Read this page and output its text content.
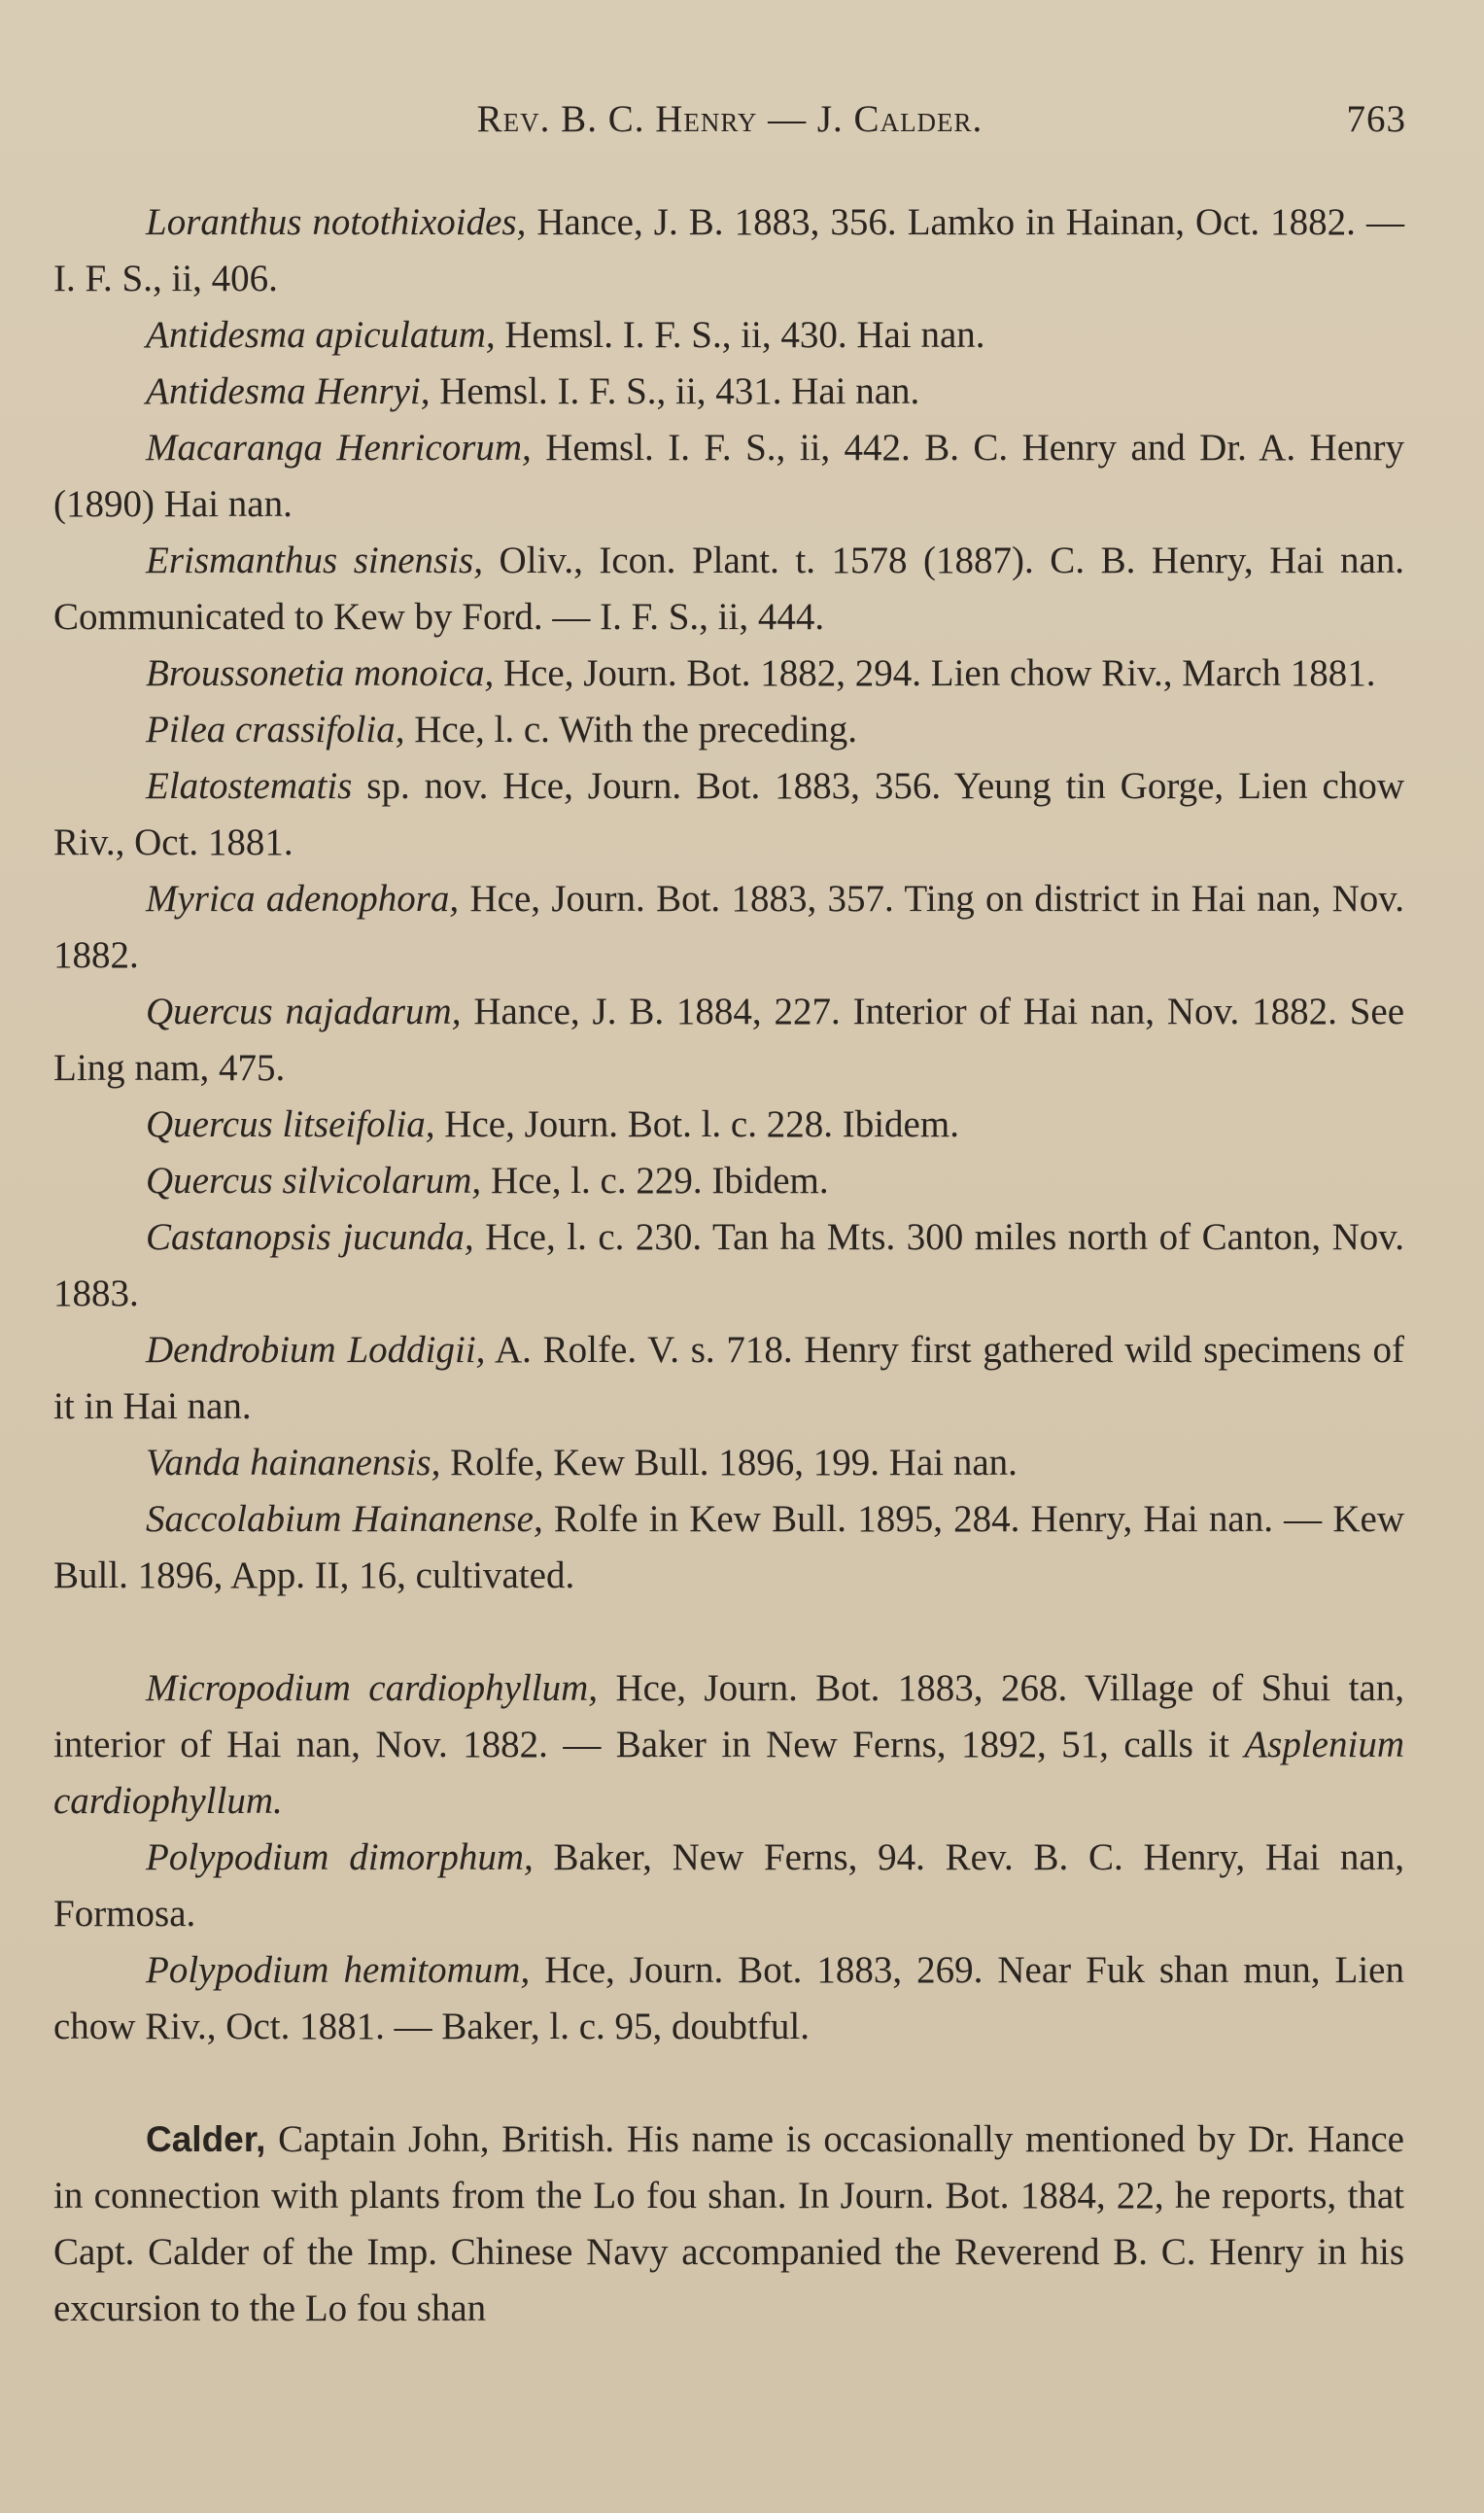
Rev. B. C. Henry — J. Calder.	763

Loranthus notothixoides, Hance, J. B. 1883, 356. Lamko in Hainan, Oct. 1882. — I. F. S., ii, 406.

Antidesma apiculatum, Hemsl. I. F. S., ii, 430. Hai nan.

Antidesma Henryi, Hemsl. I. F. S., ii, 431. Hai nan.

Macaranga Henricorum, Hemsl. I. F. S., ii, 442. B. C. Henry and Dr. A. Henry (1890) Hai nan.

Erismanthus sinensis, Oliv., Icon. Plant. t. 1578 (1887). C. B. Henry, Hai nan. Communicated to Kew by Ford. — I. F. S., ii, 444.

Broussonetia monoica, Hce, Journ. Bot. 1882, 294. Lien chow Riv., March 1881.

Pilea crassifolia, Hce, l. c. With the preceding.

Elatostematis sp. nov. Hce, Journ. Bot. 1883, 356. Yeung tin Gorge, Lien chow Riv., Oct. 1881.

Myrica adenophora, Hce, Journ. Bot. 1883, 357. Ting on district in Hai nan, Nov. 1882.

Quercus najadarum, Hance, J. B. 1884, 227. Interior of Hai nan, Nov. 1882. See Ling nam, 475.

Quercus litseifolia, Hce, Journ. Bot. l. c. 228. Ibidem.

Quercus silvicolarum, Hce, l. c. 229. Ibidem.

Castanopsis jucunda, Hce, l. c. 230. Tan ha Mts. 300 miles north of Canton, Nov. 1883.

Dendrobium Loddigii, A. Rolfe. V. s. 718. Henry first gathered wild specimens of it in Hai nan.

Vanda hainanensis, Rolfe, Kew Bull. 1896, 199. Hai nan.

Saccolabium Hainanense, Rolfe in Kew Bull. 1895, 284. Henry, Hai nan. — Kew Bull. 1896, App. II, 16, cultivated.

Micropodium cardiophyllum, Hce, Journ. Bot. 1883, 268. Village of Shui tan, interior of Hai nan, Nov. 1882. — Baker in New Ferns, 1892, 51, calls it Asplenium cardiophyllum.

Polypodium dimorphum, Baker, New Ferns, 94. Rev. B. C. Henry, Hai nan, Formosa.

Polypodium hemitomum, Hce, Journ. Bot. 1883, 269. Near Fuk shan mun, Lien chow Riv., Oct. 1881. — Baker, l. c. 95, doubtful.

Calder, Captain John, British. His name is occasionally mentioned by Dr. Hance in connection with plants from the Lo fou shan. In Journ. Bot. 1884, 22, he reports, that Capt. Calder of the Imp. Chinese Navy accompanied the Reverend B. C. Henry in his excursion to the Lo fou shan
